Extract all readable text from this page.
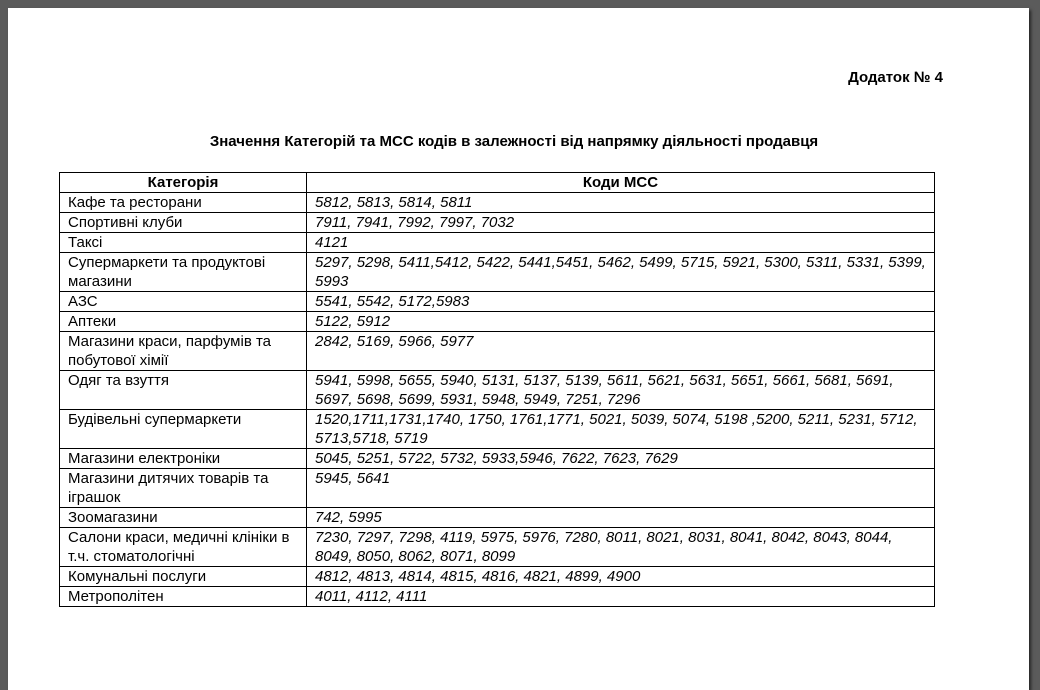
Додаток № 4

Значення Категорій та МСС кодів в залежності від напрямку діяльності продавця

Категорія	Коди МСС
Кафе та ресторани	5812, 5813, 5814, 5811
Спортивні клуби	7911, 7941, 7992, 7997, 7032
Таксі	4121
Супермаркети та продуктові магазини	5297, 5298, 5411,5412, 5422, 5441,5451, 5462, 5499, 5715, 5921, 5300, 5311, 5331, 5399, 5993
АЗС	5541, 5542, 5172,5983
Аптеки	5122, 5912
Магазини краси, парфумів та побутової хімії	2842, 5169, 5966, 5977
Одяг та взуття	5941, 5998, 5655, 5940, 5131, 5137, 5139, 5611, 5621, 5631, 5651, 5661, 5681, 5691, 5697, 5698, 5699, 5931, 5948, 5949, 7251, 7296
Будівельні супермаркети	1520,1711,1731,1740, 1750, 1761,1771, 5021, 5039, 5074, 5198 ,5200, 5211, 5231, 5712, 5713,5718, 5719
Магазини електроніки	5045, 5251, 5722, 5732, 5933,5946, 7622, 7623, 7629
Магазини дитячих товарів та іграшок	5945, 5641
Зоомагазини	742, 5995
Салони краси, медичні клініки в т.ч. стоматологічні	7230, 7297, 7298, 4119, 5975, 5976, 7280, 8011, 8021, 8031, 8041, 8042, 8043, 8044, 8049, 8050, 8062, 8071, 8099
Комунальні послуги	4812, 4813, 4814, 4815, 4816, 4821, 4899, 4900
Метрополітен	4011, 4112, 4111
